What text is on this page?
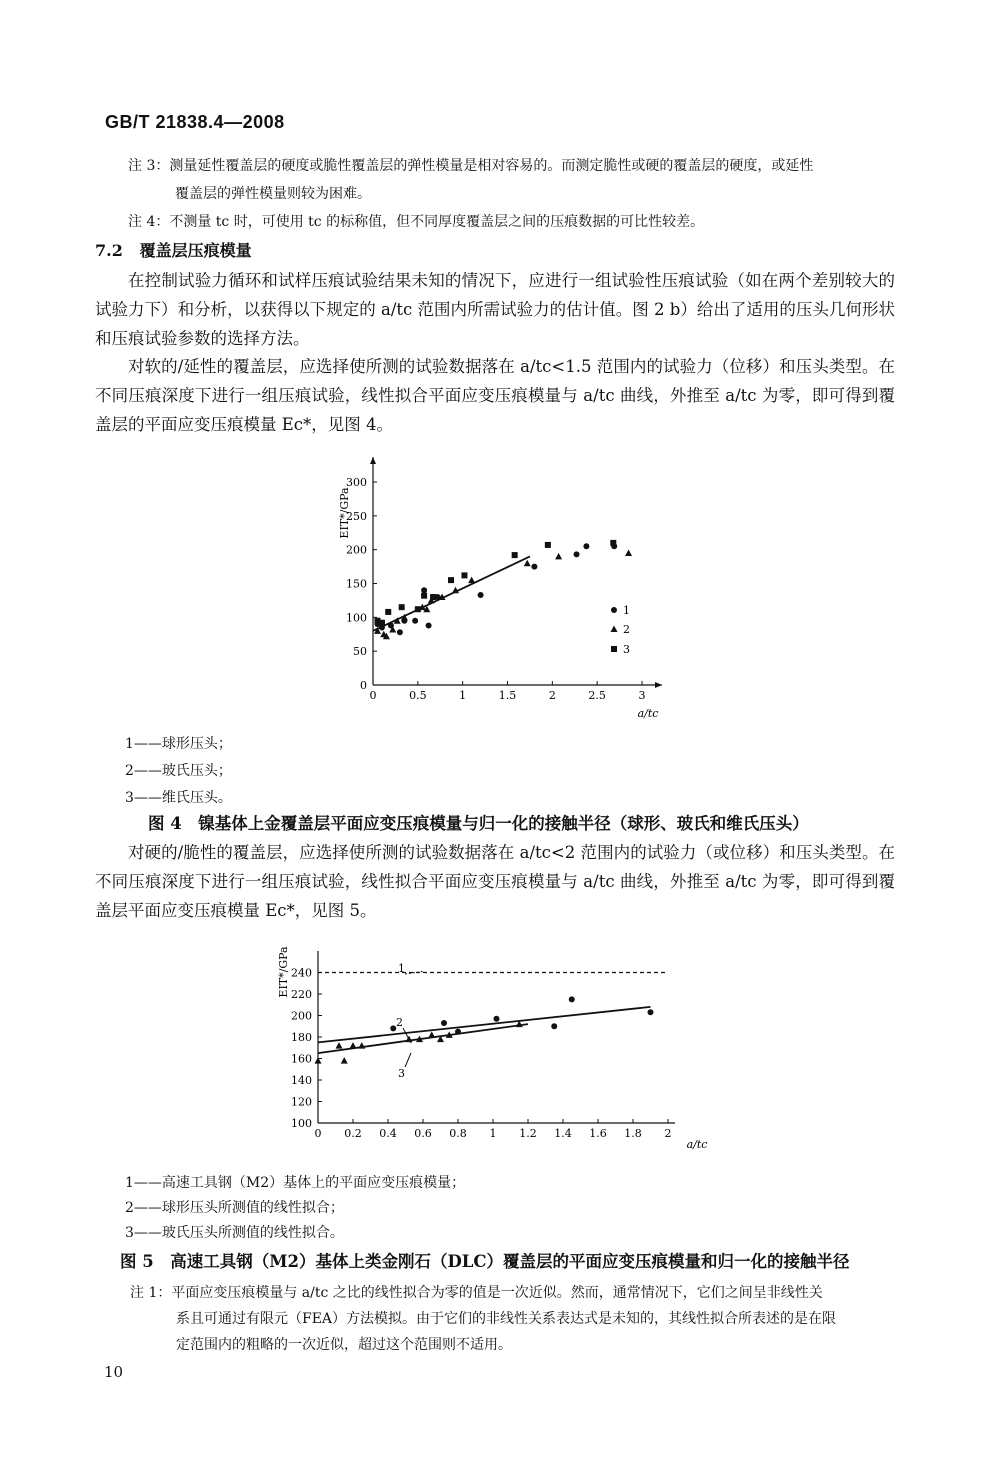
GB/T 21838.4—2008
注 3：测量延性覆盖层的硬度或脆性覆盖层的弹性模量是相对容易的。而测定脆性或硬的覆盖层的硬度，或延性
覆盖层的弹性模量则较为困难。
注 4：不测量 tc 时，可使用 tc 的标称值，但不同厚度覆盖层之间的压痕数据的可比性较差。
7.2 覆盖层压痕模量
在控制试验力循环和试样压痕试验结果未知的情况下，应进行一组试验性压痕试验（如在两个差别较大的试验力下）和分析，以获得以下规定的 a/tc 范围内所需试验力的估计值。图 2 b）给出了适用的压头几何形状和压痕试验参数的选择方法。
对软的/延性的覆盖层，应选择使所测的试验数据落在 a/tc<1.5 范围内的试验力（位移）和压头类型。在不同压痕深度下进行一组压痕试验，线性拟合平面应变压痕模量与 a/tc 曲线，外推至 a/tc 为零，即可得到覆盖层的平面应变压痕模量 Ec*，见图 4。
EIT*/GPa
a/tc
0	0.5	1	1.5	2	2.5	3
0
50
100
150
200
250
300
1
2
3
1——球形压头；
2——玻氏压头；
3——维氏压头。
图 4　镍基体上金覆盖层平面应变压痕模量与归一化的接触半径（球形、玻氏和维氏压头）
对硬的/脆性的覆盖层，应选择使所测的试验数据落在 a/tc<2 范围内的试验力（或位移）和压头类型。在不同压痕深度下进行一组压痕试验，线性拟合平面应变压痕模量与 a/tc 曲线，外推至 a/tc 为零，即可得到覆盖层平面应变压痕模量 Ec*，见图 5。
EIT*/GPa
a/tc
0 0.2 0.4 0.6 0.8 1 1.2 1.4 1.6 1.8 2
100
120
140
160
180
200
220
240	1
2
3
1——高速工具钢（M2）基体上的平面应变压痕模量；
2——球形压头所测值的线性拟合；
3——玻氏压头所测值的线性拟合。
图 5　高速工具钢（M2）基体上类金刚石（DLC）覆盖层的平面应变压痕模量和归一化的接触半径
注 1：平面应变压痕模量与 a/tc 之比的线性拟合为零的值是一次近似。然而，通常情况下，它们之间呈非线性关
系且可通过有限元（FEA）方法模拟。由于它们的非线性关系表达式是未知的，其线性拟合所表述的是在限
定范围内的粗略的一次近似，超过这个范围则不适用。
10
